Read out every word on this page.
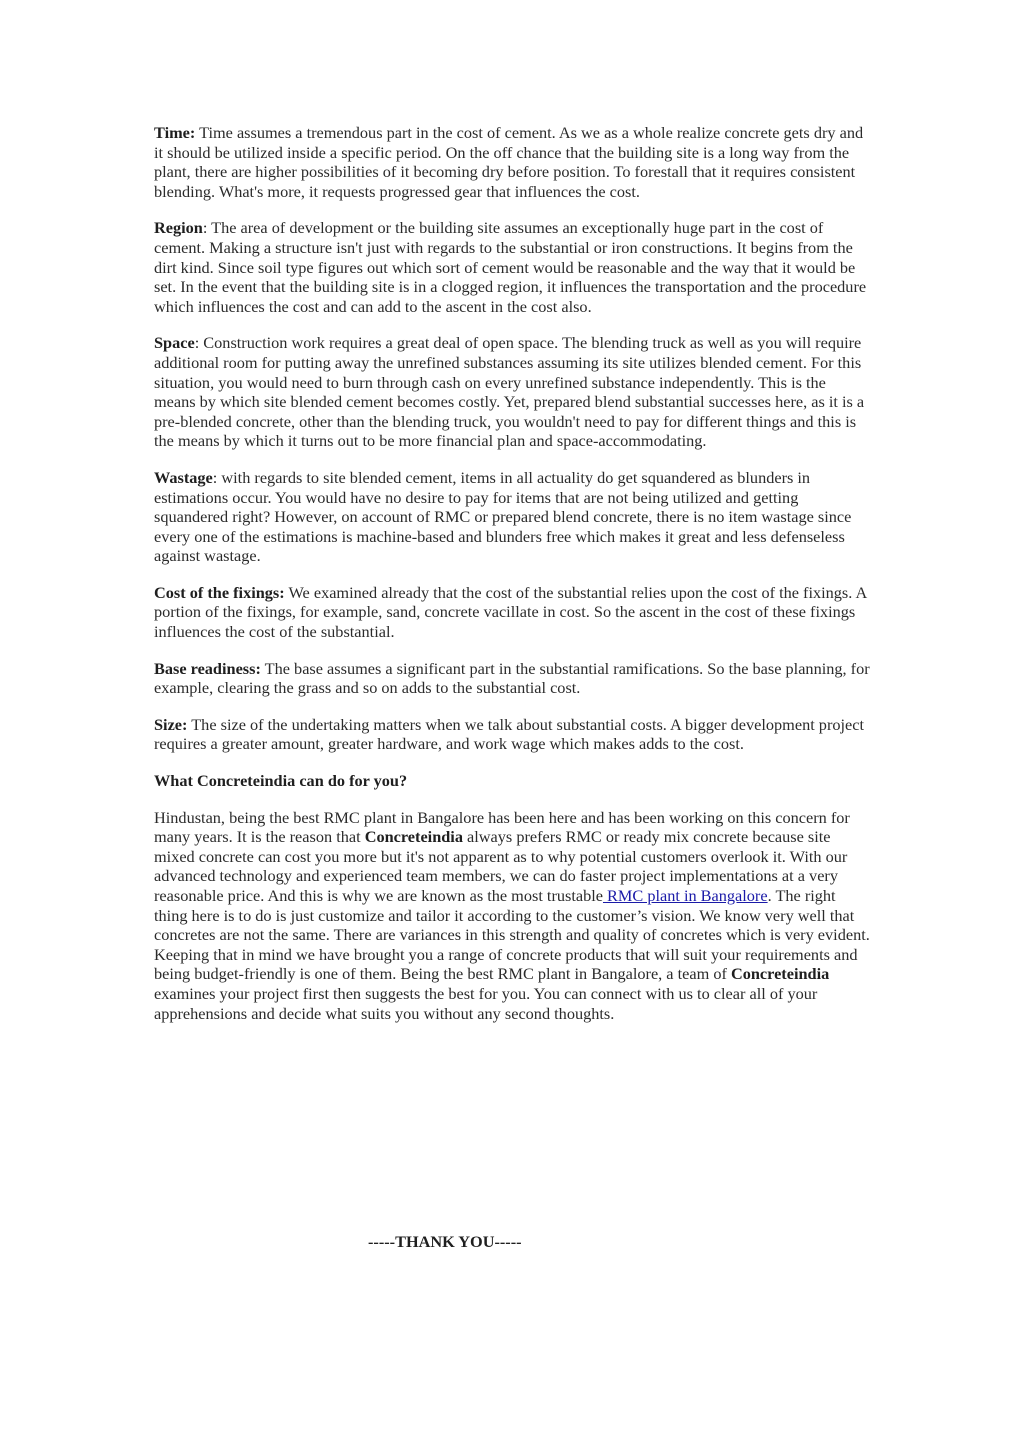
Time: Time assumes a tremendous part in the cost of cement. As we as a whole realize concrete gets dry and it should be utilized inside a specific period. On the off chance that the building site is a long way from the plant, there are higher possibilities of it becoming dry before position. To forestall that it requires consistent blending. What's more, it requests progressed gear that influences the cost.

Region: The area of development or the building site assumes an exceptionally huge part in the cost of cement. Making a structure isn't just with regards to the substantial or iron constructions. It begins from the dirt kind. Since soil type figures out which sort of cement would be reasonable and the way that it would be set. In the event that the building site is in a clogged region, it influences the transportation and the procedure which influences the cost and can add to the ascent in the cost also.

Space: Construction work requires a great deal of open space. The blending truck as well as you will require additional room for putting away the unrefined substances assuming its site utilizes blended cement. For this situation, you would need to burn through cash on every unrefined substance independently. This is the means by which site blended cement becomes costly. Yet, prepared blend substantial successes here, as it is a pre-blended concrete, other than the blending truck, you wouldn't need to pay for different things and this is the means by which it turns out to be more financial plan and space-accommodating.

Wastage: with regards to site blended cement, items in all actuality do get squandered as blunders in estimations occur. You would have no desire to pay for items that are not being utilized and getting squandered right? However, on account of RMC or prepared blend concrete, there is no item wastage since every one of the estimations is machine-based and blunders free which makes it great and less defenseless against wastage.

Cost of the fixings: We examined already that the cost of the substantial relies upon the cost of the fixings. A portion of the fixings, for example, sand, concrete vacillate in cost. So the ascent in the cost of these fixings influences the cost of the substantial.

Base readiness: The base assumes a significant part in the substantial ramifications. So the base planning, for example, clearing the grass and so on adds to the substantial cost.

Size: The size of the undertaking matters when we talk about substantial costs. A bigger development project requires a greater amount, greater hardware, and work wage which makes adds to the cost.

What Concreteindia can do for you?

Hindustan, being the best RMC plant in Bangalore has been here and has been working on this concern for many years. It is the reason that Concreteindia always prefers RMC or ready mix concrete because site mixed concrete can cost you more but it's not apparent as to why potential customers overlook it. With our advanced technology and experienced team members, we can do faster project implementations at a very reasonable price. And this is why we are known as the most trustable RMC plant in Bangalore. The right thing here is to do is just customize and tailor it according to the customer’s vision. We know very well that concretes are not the same. There are variances in this strength and quality of concretes which is very evident. Keeping that in mind we have brought you a range of concrete products that will suit your requirements and being budget-friendly is one of them. Being the best RMC plant in Bangalore, a team of Concreteindia examines your project first then suggests the best for you. You can connect with us to clear all of your apprehensions and decide what suits you without any second thoughts.

-----THANK YOU-----
